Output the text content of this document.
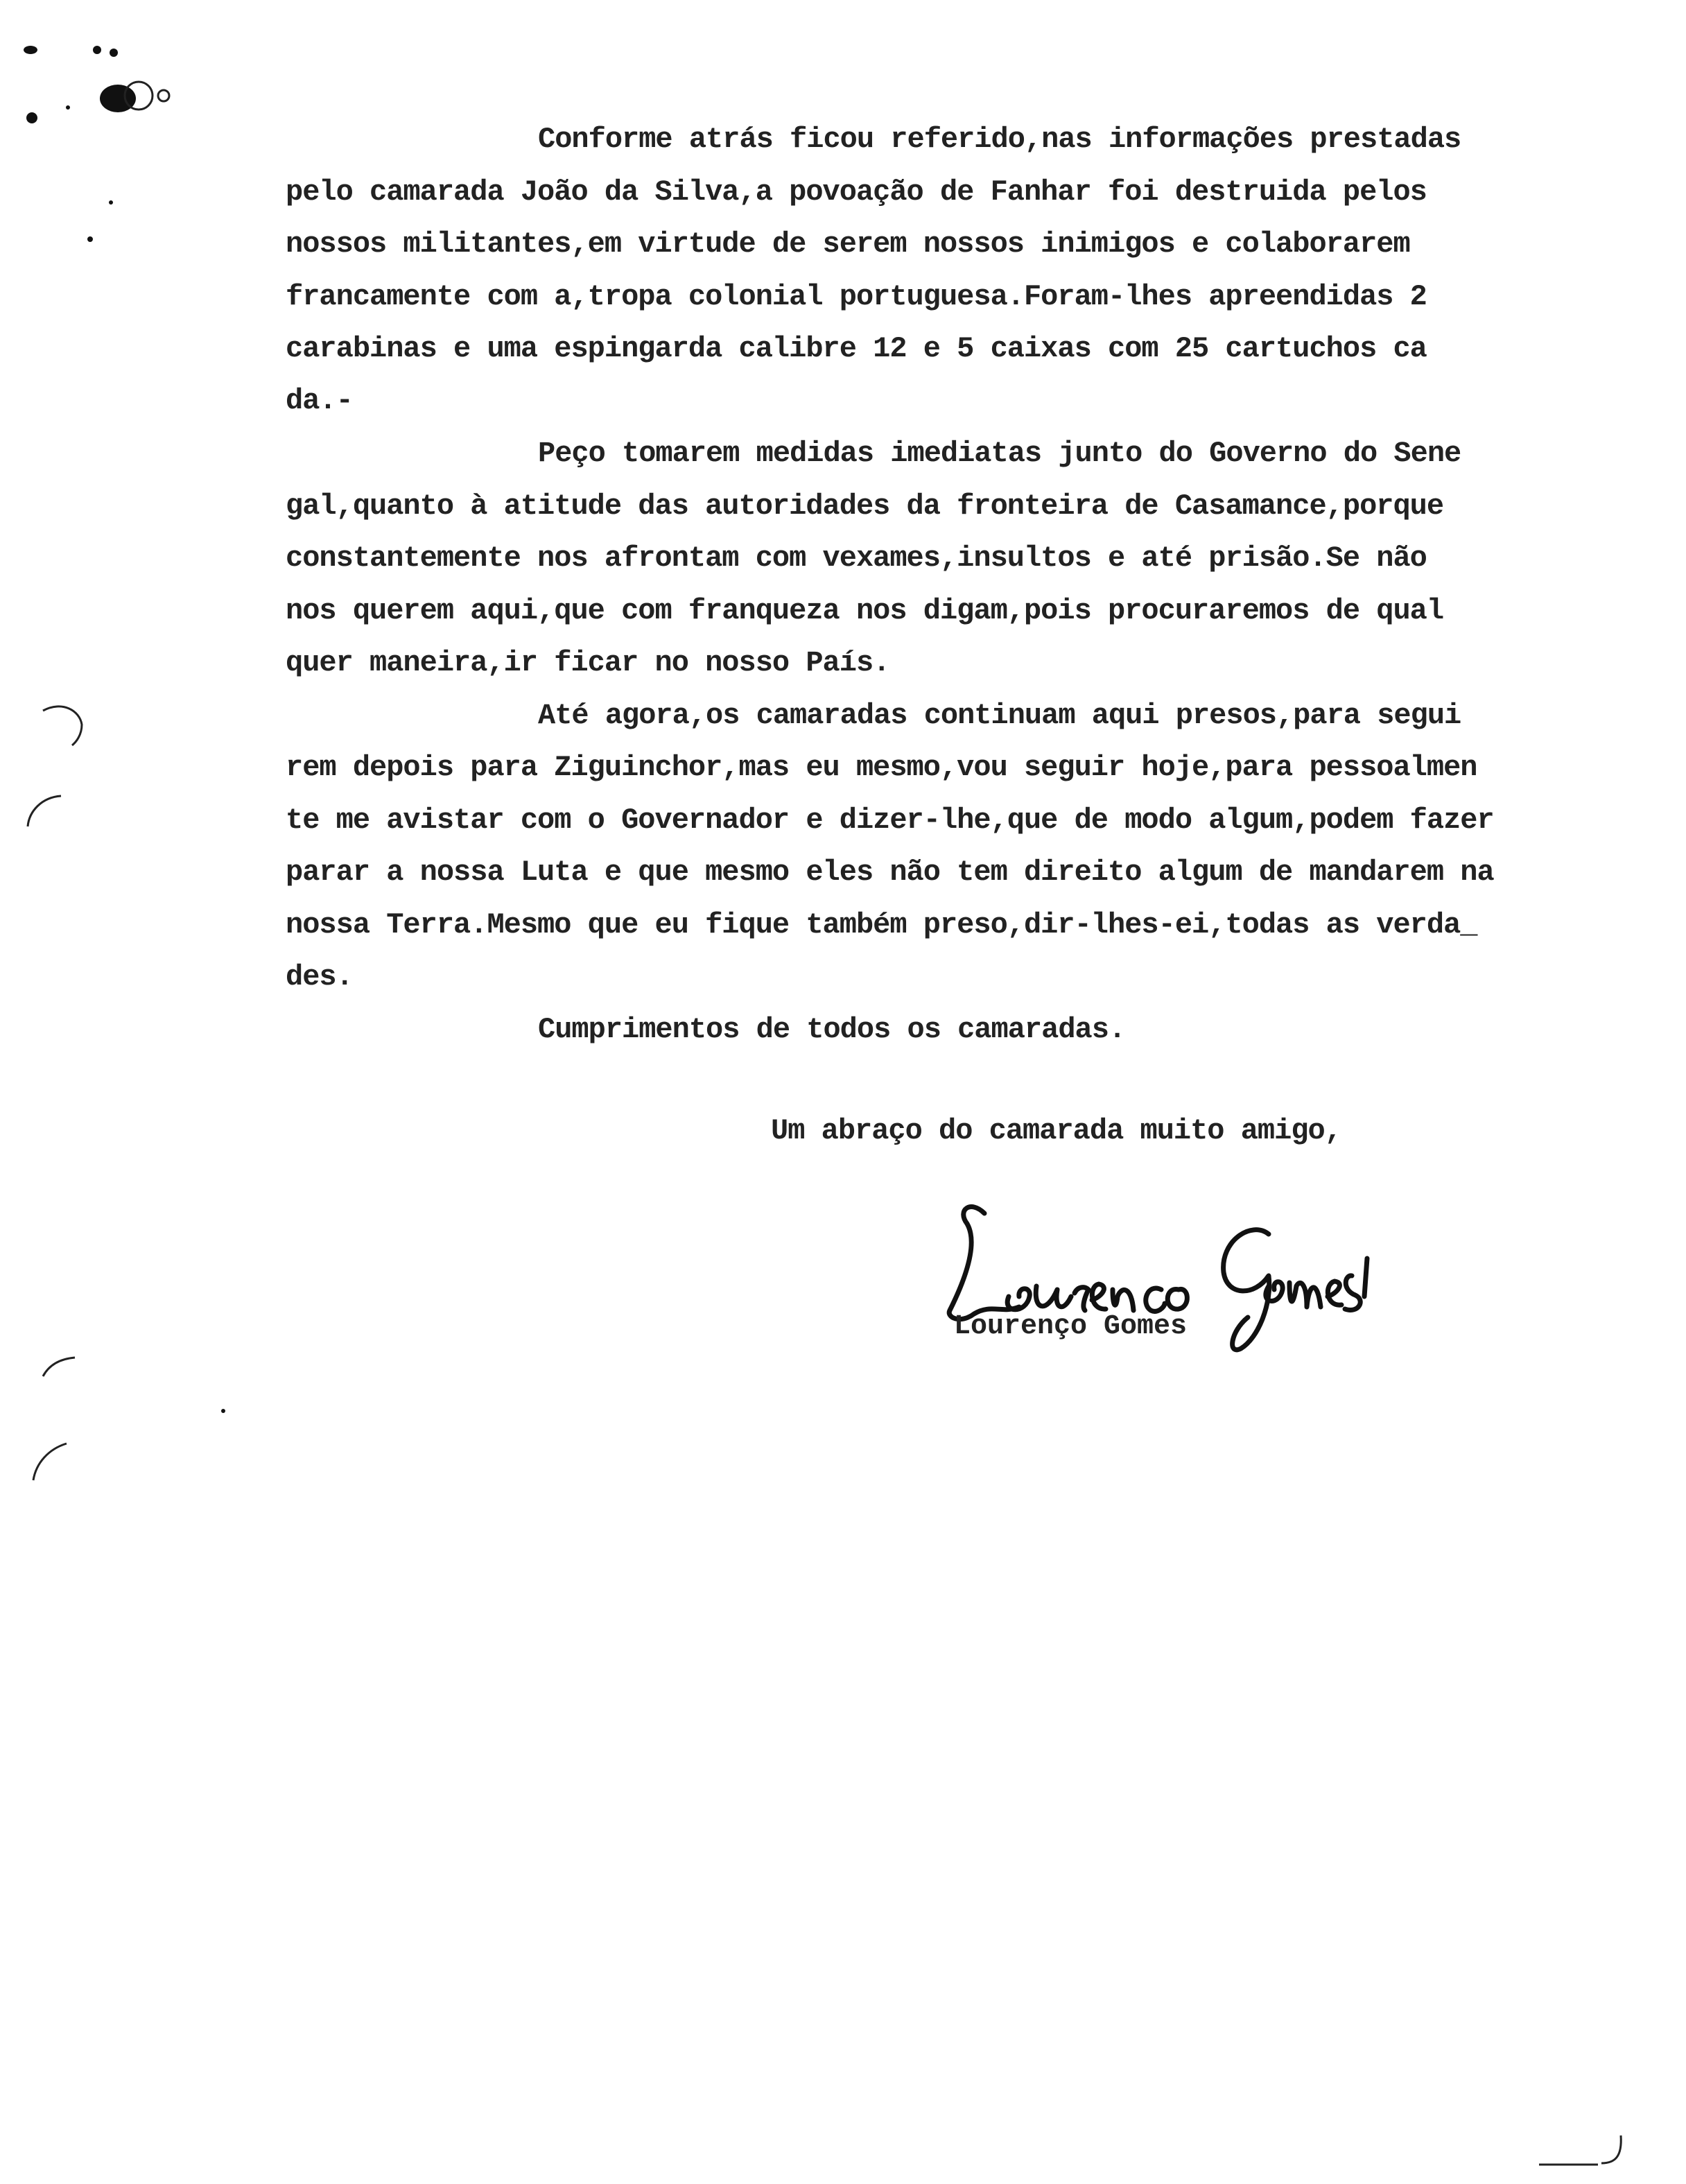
Conforme atrás ficou referido,nas informações prestadas
pelo camarada João da Silva,a povoação de Fanhar foi destruida pelos
nossos militantes,em virtude de serem nossos inimigos e colaborarem
francamente com a,tropa colonial portuguesa.Foram-lhes apreendidas 2
carabinas e uma espingarda calibre 12 e 5 caixas com 25 cartuchos ca
da.-
Peço tomarem medidas imediatas junto do Governo do Sene
gal,quanto à atitude das autoridades da fronteira de Casamance,porque
constantemente nos afrontam com vexames,insultos e até prisão.Se não
nos querem aqui,que com franqueza nos digam,pois procuraremos de qual
quer maneira,ir ficar no nosso País.
Até agora,os camaradas continuam aqui presos,para segui
rem depois para Ziguinchor,mas eu mesmo,vou seguir hoje,para pessoalmen
te me avistar com o Governador e dizer-lhe,que de modo algum,podem fazer
parar a nossa Luta e que mesmo eles não tem direito algum de mandarem na
nossa Terra.Mesmo que eu fique também preso,dir-lhes-ei,todas as verda_
des.
Cumprimentos de todos os camaradas.
Um abraço do camarada muito amigo,
Lourenço Gomes
